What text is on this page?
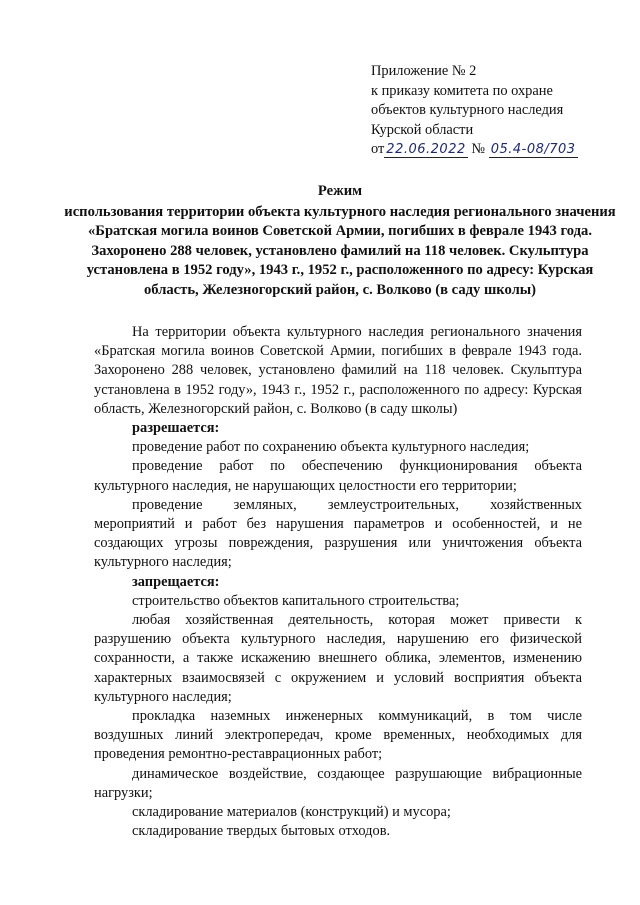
Приложение № 2
к приказу комитета по охране
объектов культурного наследия
Курской области
от 22.06.2022 № 05.4-08/703
Режим
использования территории объекта культурного наследия регионального значения «Братская могила воинов Советской Армии, погибших в феврале 1943 года. Захоронено 288 человек, установлено фамилий на 118 человек. Скульптура установлена в 1952 году», 1943 г., 1952 г., расположенного по адресу: Курская область, Железногорский район, с. Волково (в саду школы)

На территории объекта культурного наследия регионального значения «Братская могила воинов Советской Армии, погибших в феврале 1943 года. Захоронено 288 человек, установлено фамилий на 118 человек. Скульптура установлена в 1952 году», 1943 г., 1952 г., расположенного по адресу: Курская область, Железногорский район, с. Волково (в саду школы)

разрешается:

проведение работ по сохранению объекта культурного наследия;

проведение работ по обеспечению функционирования объекта культурного наследия, не нарушающих целостности его территории;

проведение земляных, землеустроительных, хозяйственных мероприятий и работ без нарушения параметров и особенностей, и не создающих угрозы повреждения, разрушения или уничтожения объекта культурного наследия;

запрещается:

строительство объектов капитального строительства;

любая хозяйственная деятельность, которая может привести к разрушению объекта культурного наследия, нарушению его физической сохранности, а также искажению внешнего облика, элементов, изменению характерных взаимосвязей с окружением и условий восприятия объекта культурного наследия;

прокладка наземных инженерных коммуникаций, в том числе воздушных линий электропередач, кроме временных, необходимых для проведения ремонтно-реставрационных работ;

динамическое воздействие, создающее разрушающие вибрационные нагрузки;

складирование материалов (конструкций) и мусора;

складирование твердых бытовых отходов.
